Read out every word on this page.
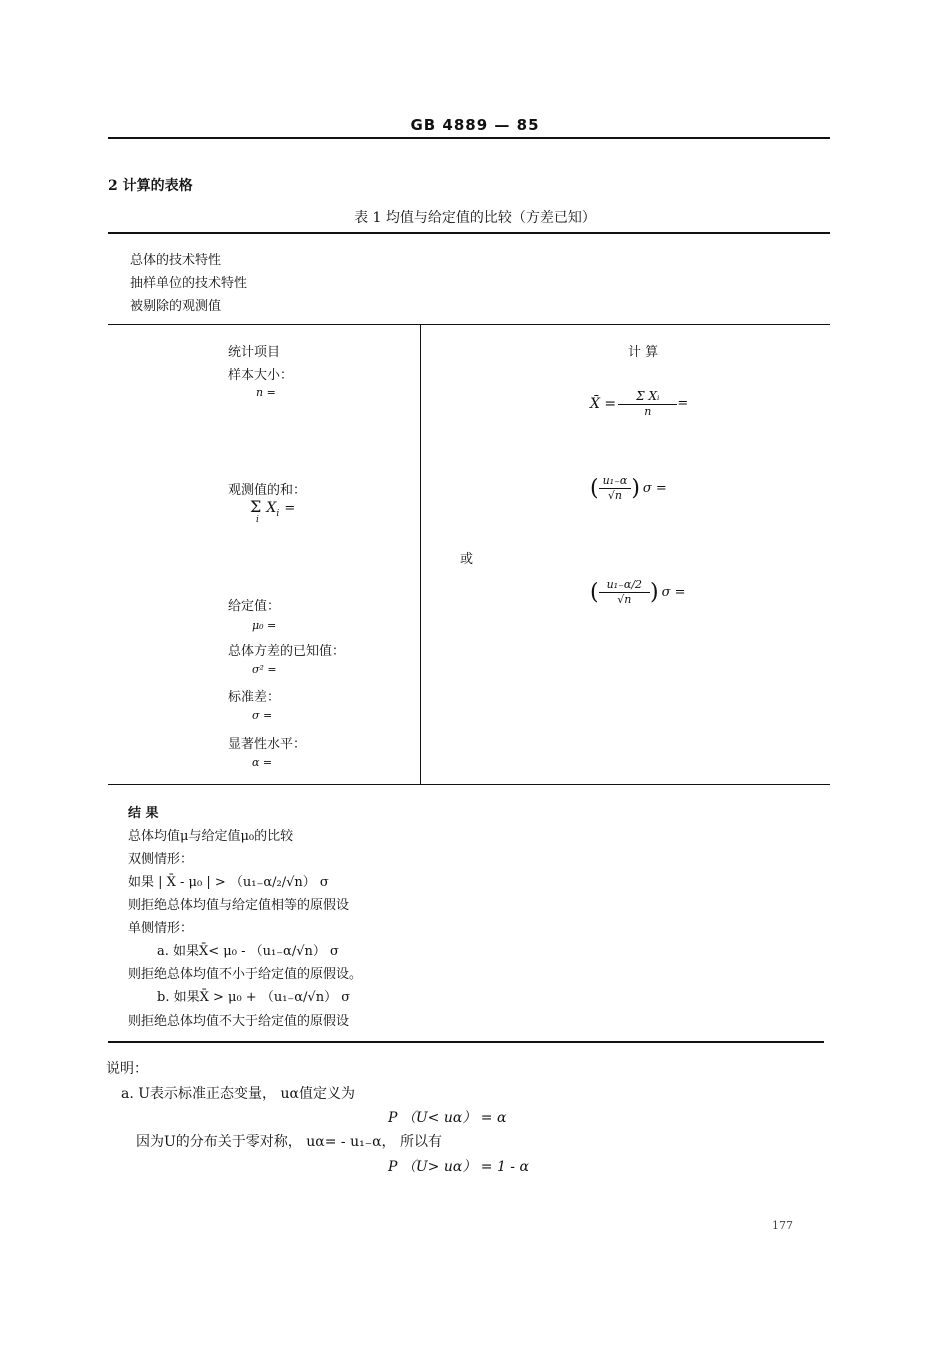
GB 4889 — 85
2 计算的表格
表 1 均值与给定值的比较（方差已知）
总体的技术特性
抽样单位的技术特性
被剔除的观测值
统计项目
样本大小：
n =
观测值的和：
Σ $X_i$ =
i
给定值：
μ₀ =
总体方差的已知值：
σ² =
标准差：
σ =
显著性水平：
α =
计 算
X̄ = $\frac{\text{Σ Xᵢ}}{n}$ =
( $\frac{\text{u₁₋α}}{√n}$ ) σ =
或
( $\frac{\text{u₁₋α/2}}{√n}$ ) σ =
结 果
总体均值μ与给定值μ₀的比较
双侧情形：
如果 | X̄ - μ₀ | > （u₁₋α/₂/√n） σ
则拒绝总体均值与给定值相等的原假设
单侧情形：
a. 如果X̄< μ₀ - （u₁₋α/√n） σ
则拒绝总体均值不小于给定值的原假设。
b. 如果X̄ > μ₀ + （u₁₋α/√n） σ
则拒绝总体均值不大于给定值的原假设
说明：
a. U表示标准正态变量， uα值定义为
P （U< uα） = α
因为U的分布关于零对称， uα= - u₁₋α， 所以有
P （U> uα） = 1 - α
177
